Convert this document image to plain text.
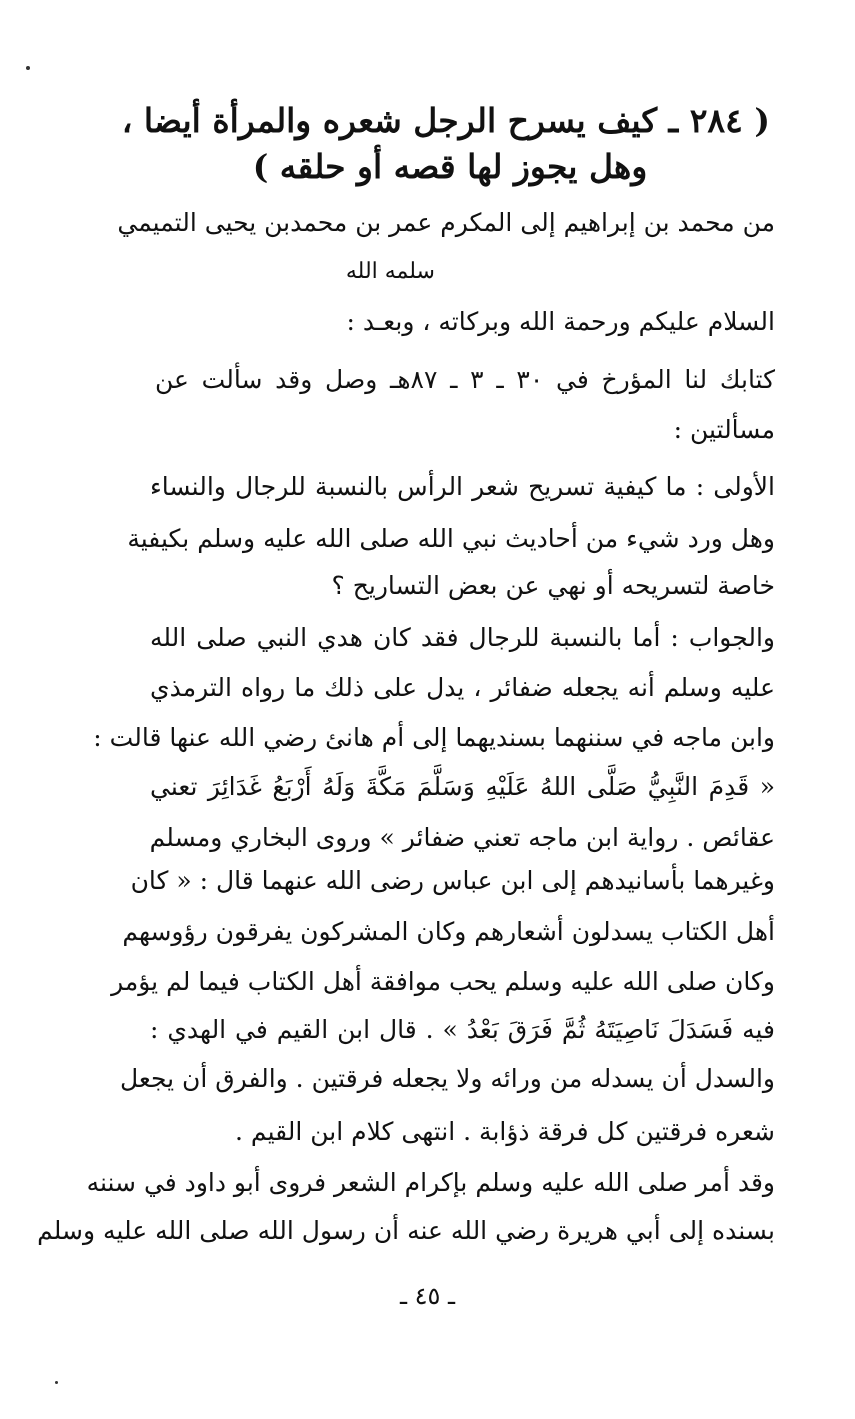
( ٢٨٤ ـ كيف يسرح الرجل شعره والمرأة أيضا ،
وهل يجوز لها قصه أو حلقه )
من محمد بن إبراهيم إلى المكرم عمر بن محمدبن يحيى التميمي
سلمه الله
السلام عليكم ورحمة الله وبركاته ، وبعـد :
كتابك لنا المؤرخ في ٣٠ ـ ٣ ـ ٨٧هـ وصل وقد سألت عن
مسألتين :
الأولى : ما كيفية تسريح شعر الرأس بالنسبة للرجال والنساء
وهل ورد شيء من أحاديث نبي الله صلى الله عليه وسلم بكيفية
خاصة لتسريحه أو نهي عن بعض التساريح ؟
والجواب : أما بالنسبة للرجال فقد كان هدي النبي صلى الله
عليه وسلم أنه يجعله ضفائر ، يدل على ذلك ما رواه الترمذي
وابن ماجه في سننهما بسنديهما إلى أم هانئ رضي الله عنها قالت :
« قَدِمَ النَّبِيُّ صَلَّى اللهُ عَلَيْهِ وَسَلَّمَ مَكَّةَ وَلَهُ أَرْبَعُ غَدَائِرَ تعني
عقائص . رواية ابن ماجه تعني ضفائر » وروى البخاري ومسلم
وغيرهما بأسانيدهم إلى ابن عباس رضى الله عنهما قال : « كان
أهل الكتاب يسدلون أشعارهم وكان المشركون يفرقون رؤوسهم
وكان صلى الله عليه وسلم يحب موافقة أهل الكتاب فيما لم يؤمر
فيه فَسَدَلَ نَاصِيَتَهُ ثُمَّ فَرَقَ بَعْدُ » . قال ابن القيم في الهدي :
والسدل أن يسدله من ورائه ولا يجعله فرقتين . والفرق أن يجعل
شعره فرقتين كل فرقة ذؤابة . انتهى كلام ابن القيم .
وقد أمر صلى الله عليه وسلم بإكرام الشعر فروى أبو داود في سننه
بسنده إلى أبي هريرة رضي الله عنه أن رسول الله صلى الله عليه وسلم
ـ ٤٥ ـ
